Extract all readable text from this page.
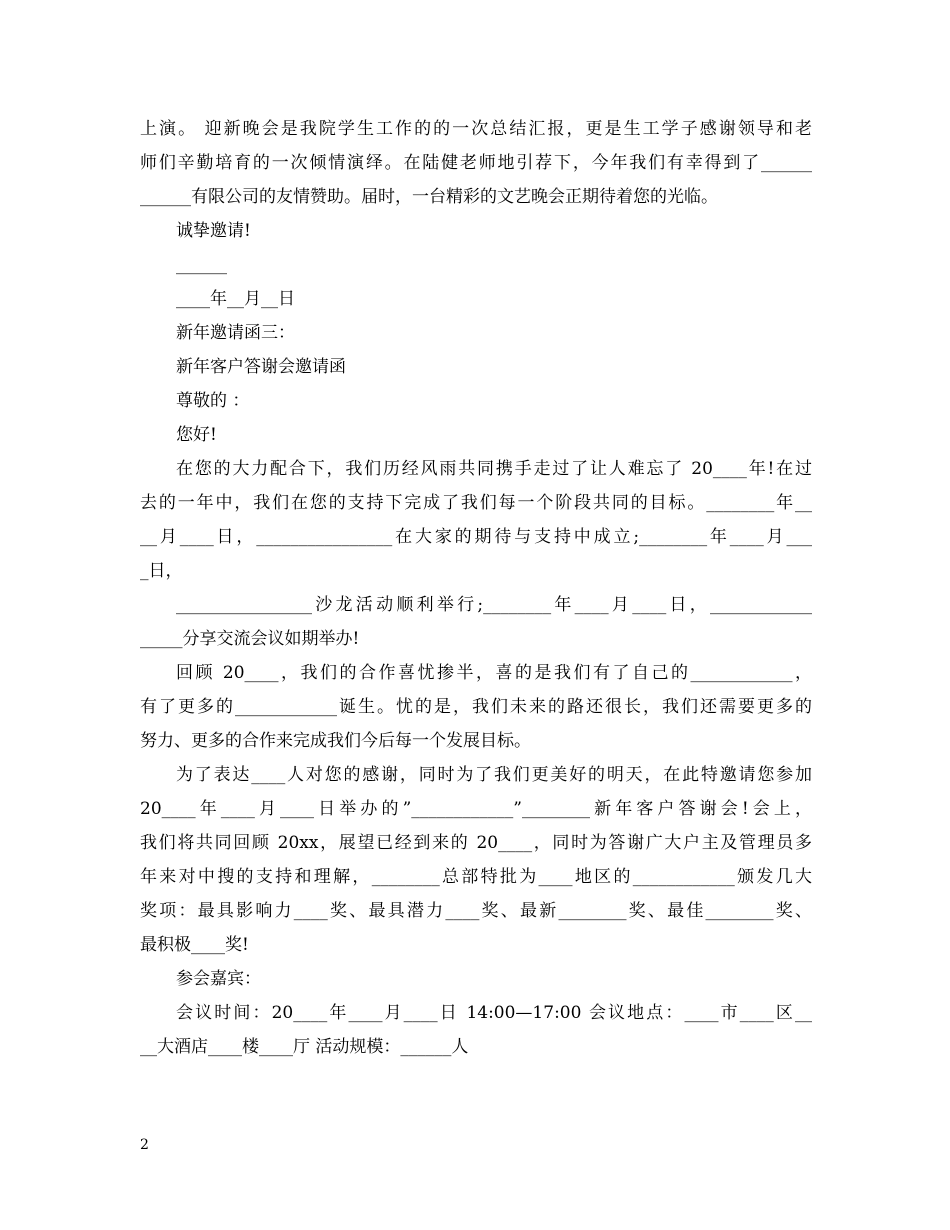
上演。 迎新晚会是我院学生工作的的一次总结汇报，更是生工学子感谢领导和老
师们辛勤培育的一次倾情演绎。在陆健老师地引荐下，今年我们有幸得到了______
______有限公司的友情赞助。届时，一台精彩的文艺晚会正期待着您的光临。
诚挚邀请!
______
____年__月__日
新年邀请函三：
新年客户答谢会邀请函
尊敬的 ：
您好!
在您的大力配合下，我们历经风雨共同携手走过了让人难忘了 20____年!在过
去的一年中，我们在您的支持下完成了我们每一个阶段共同的目标。________年__
__月____日，________________在大家的期待与支持中成立;________年____月___
_日，
________________沙龙活动顺利举行;________年____月____日，____________
_____分享交流会议如期举办!
回顾 20____，我们的合作喜忧掺半，喜的是我们有了自己的____________，
有了更多的____________诞生。忧的是，我们未来的路还很长，我们还需要更多的
努力、更多的合作来完成我们今后每一个发展目标。
为了表达____人对您的感谢，同时为了我们更美好的明天，在此特邀请您参加
20____年____月____日举办的”____________”________新年客户答谢会!会上，
我们将共同回顾 20xx，展望已经到来的 20____，同时为答谢广大户主及管理员多
年来对中搜的支持和理解，________总部特批为____地区的____________颁发几大
奖项：最具影响力____奖、最具潜力____奖、最新________奖、最佳________奖、
最积极____奖!
参会嘉宾：
会议时间：20____年____月____日 14:00—17:00 会议地点：____市____区__
__大酒店____楼____厅 活动规模：______人
2
